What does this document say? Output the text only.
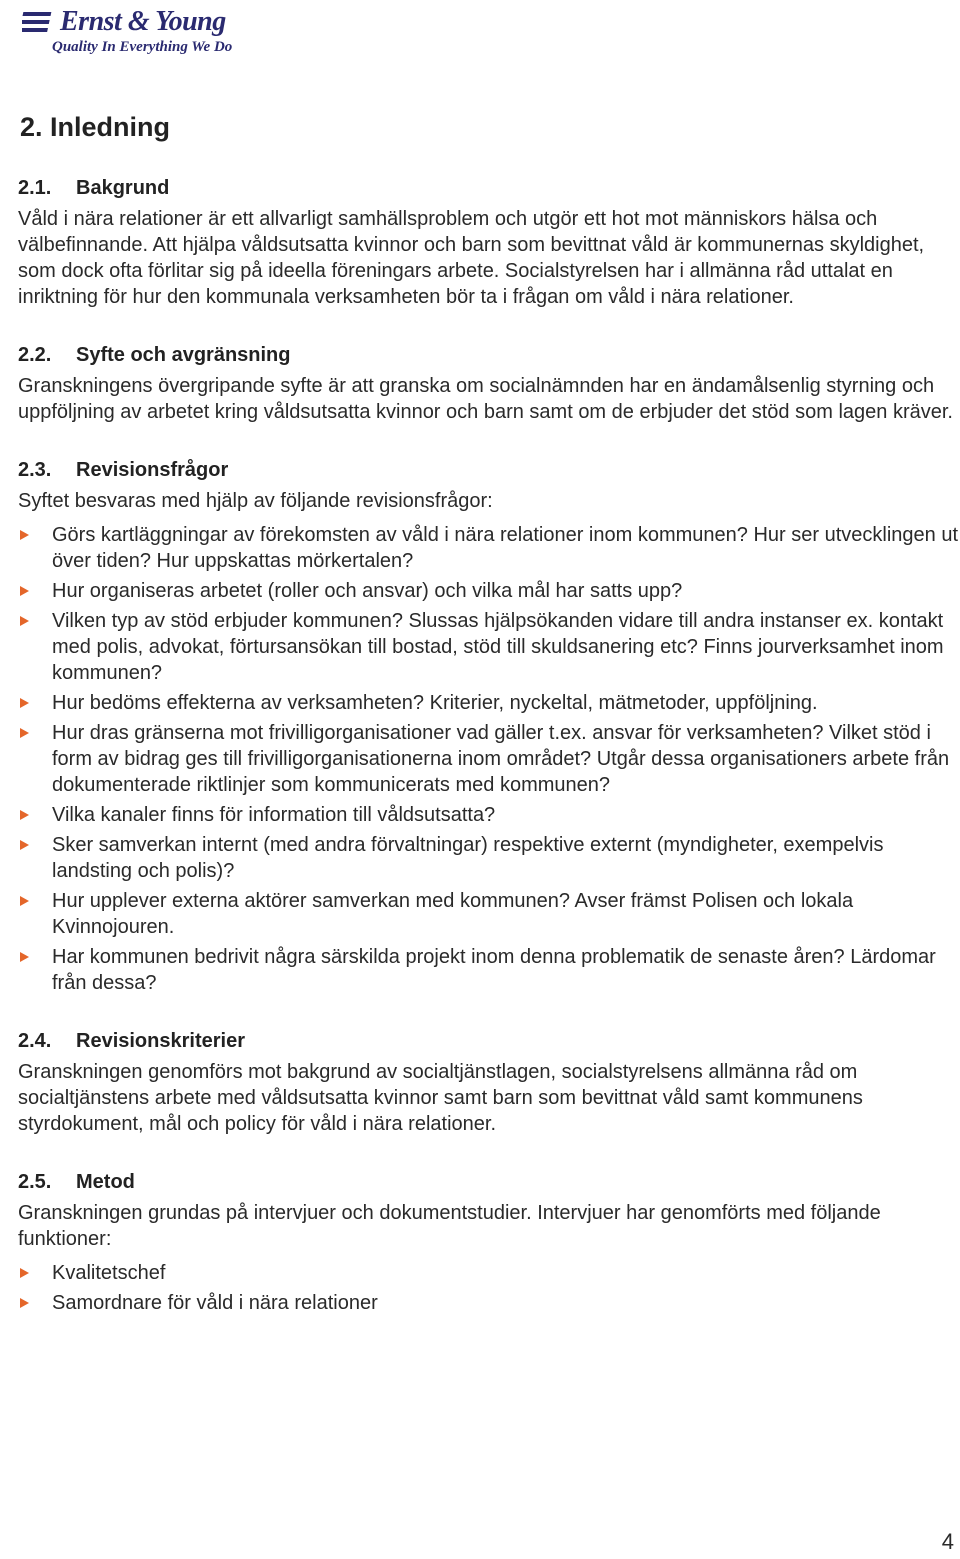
Ernst & Young
Quality In Everything We Do
2. Inledning
2.1.	Bakgrund

Våld i nära relationer är ett allvarligt samhällsproblem och utgör ett hot mot människors hälsa och välbefinnande. Att hjälpa våldsutsatta kvinnor och barn som bevittnat våld är kommunernas skyldighet, som dock ofta förlitar sig på ideella föreningars arbete. Socialstyrelsen har i allmänna råd uttalat en inriktning för hur den kommunala verksamheten bör ta i frågan om våld i nära relationer.

2.2.	Syfte och avgränsning

Granskningens övergripande syfte är att granska om socialnämnden har en ändamålsenlig styrning och uppföljning av arbetet kring våldsutsatta kvinnor och barn samt om de erbjuder det stöd som lagen kräver.

2.3.	Revisionsfrågor

Syftet besvaras med hjälp av följande revisionsfrågor:

Görs kartläggningar av förekomsten av våld i nära relationer inom kommunen? Hur ser utvecklingen ut över tiden? Hur uppskattas mörkertalen?
Hur organiseras arbetet (roller och ansvar) och vilka mål har satts upp?
Vilken typ av stöd erbjuder kommunen? Slussas hjälpsökanden vidare till andra instanser ex. kontakt med polis, advokat, förtursansökan till bostad, stöd till skuldsanering etc? Finns jourverksamhet inom kommunen?
Hur bedöms effekterna av verksamheten? Kriterier, nyckeltal, mätmetoder, uppföljning.
Hur dras gränserna mot frivilligorganisationer vad gäller t.ex. ansvar för verksamheten? Vilket stöd i form av bidrag ges till frivilligorganisationerna inom området? Utgår dessa organisationers arbete från dokumenterade riktlinjer som kommunicerats med kommunen?
Vilka kanaler finns för information till våldsutsatta?
Sker samverkan internt (med andra förvaltningar) respektive externt (myndigheter, exempelvis landsting och polis)?
Hur upplever externa aktörer samverkan med kommunen? Avser främst Polisen och lokala Kvinnojouren.
Har kommunen bedrivit några särskilda projekt inom denna problematik de senaste åren? Lärdomar från dessa?
2.4.	Revisionskriterier

Granskningen genomförs mot bakgrund av socialtjänstlagen, socialstyrelsens allmänna råd om socialtjänstens arbete med våldsutsatta kvinnor samt barn som bevittnat våld samt kommunens styrdokument, mål och policy för våld i nära relationer.

2.5.	Metod

Granskningen grundas på intervjuer och dokumentstudier. Intervjuer har genomförts med följande funktioner:

Kvalitetschef
Samordnare för våld i nära relationer
4
